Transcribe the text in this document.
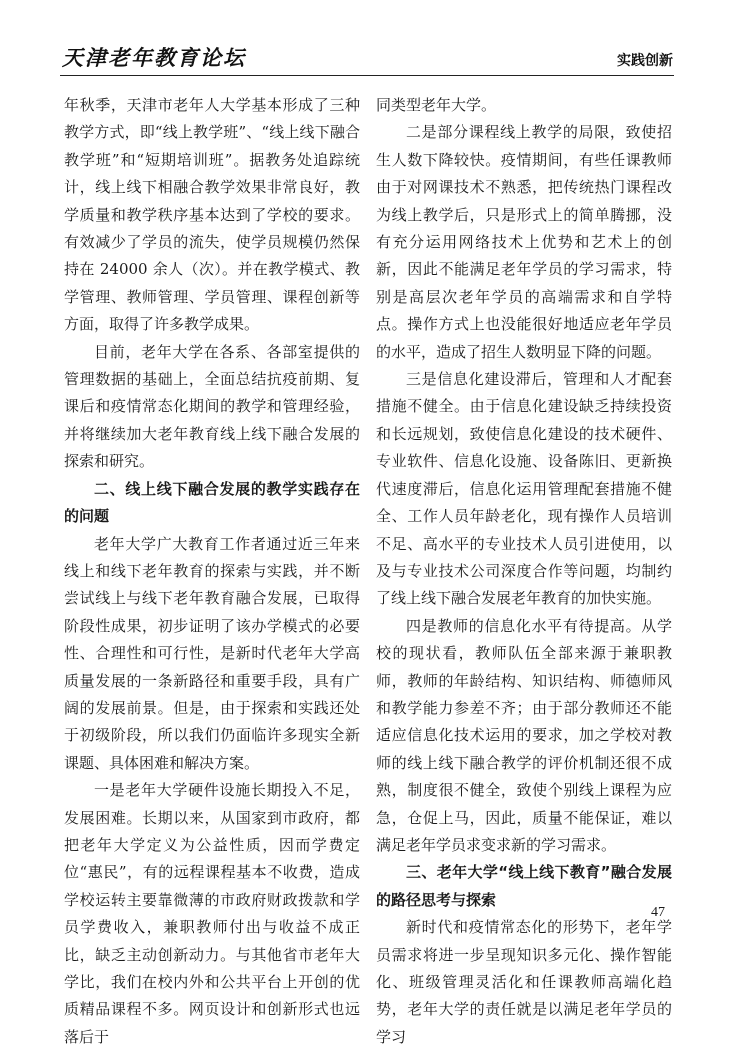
天津老年教育论坛	实践创新

年秋季，天津市老年人大学基本形成了三种教学方式，即“线上教学班”、“线上线下融合教学班”和“短期培训班”。据教务处追踪统计，线上线下相融合教学效果非常良好，教学质量和教学秩序基本达到了学校的要求。有效减少了学员的流失，使学员规模仍然保持在 24000 余人（次）。并在教学模式、教学管理、教师管理、学员管理、课程创新等方面，取得了许多教学成果。

目前，老年大学在各系、各部室提供的管理数据的基础上，全面总结抗疫前期、复课后和疫情常态化期间的教学和管理经验，并将继续加大老年教育线上线下融合发展的探索和研究。

二、线上线下融合发展的教学实践存在的问题

老年大学广大教育工作者通过近三年来线上和线下老年教育的探索与实践，并不断尝试线上与线下老年教育融合发展，已取得阶段性成果，初步证明了该办学模式的必要性、合理性和可行性，是新时代老年大学高质量发展的一条新路径和重要手段，具有广阔的发展前景。但是，由于探索和实践还处于初级阶段，所以我们仍面临许多现实全新课题、具体困难和解决方案。

一是老年大学硬件设施长期投入不足，发展困难。长期以来，从国家到市政府，都把老年大学定义为公益性质，因而学费定位“惠民”，有的远程课程基本不收费，造成学校运转主要靠微薄的市政府财政拨款和学员学费收入，兼职教师付出与收益不成正比，缺乏主动创新动力。与其他省市老年大学比，我们在校内外和公共平台上开创的优质精品课程不多。网页设计和创新形式也远落后于

同类型老年大学。

二是部分课程线上教学的局限，致使招生人数下降较快。疫情期间，有些任课教师由于对网课技术不熟悉，把传统热门课程改为线上教学后，只是形式上的简单腾挪，没有充分运用网络技术上优势和艺术上的创新，因此不能满足老年学员的学习需求，特别是高层次老年学员的高端需求和自学特点。操作方式上也没能很好地适应老年学员的水平，造成了招生人数明显下降的问题。

三是信息化建设滞后，管理和人才配套措施不健全。由于信息化建设缺乏持续投资和长远规划，致使信息化建设的技术硬件、专业软件、信息化设施、设备陈旧、更新换代速度滞后，信息化运用管理配套措施不健全、工作人员年龄老化，现有操作人员培训不足、高水平的专业技术人员引进使用，以及与专业技术公司深度合作等问题，均制约了线上线下融合发展老年教育的加快实施。

四是教师的信息化水平有待提高。从学校的现状看，教师队伍全部来源于兼职教师，教师的年龄结构、知识结构、师德师风和教学能力参差不齐；由于部分教师还不能适应信息化技术运用的要求，加之学校对教师的线上线下融合教学的评价机制还很不成熟，制度很不健全，致使个别线上课程为应急，仓促上马，因此，质量不能保证，难以满足老年学员求变求新的学习需求。

三、老年大学“线上线下教育”融合发展的路径思考与探索

新时代和疫情常态化的形势下，老年学员需求将进一步呈现知识多元化、操作智能化、班级管理灵活化和任课教师高端化趋势，老年大学的责任就是以满足老年学员的学习

47
